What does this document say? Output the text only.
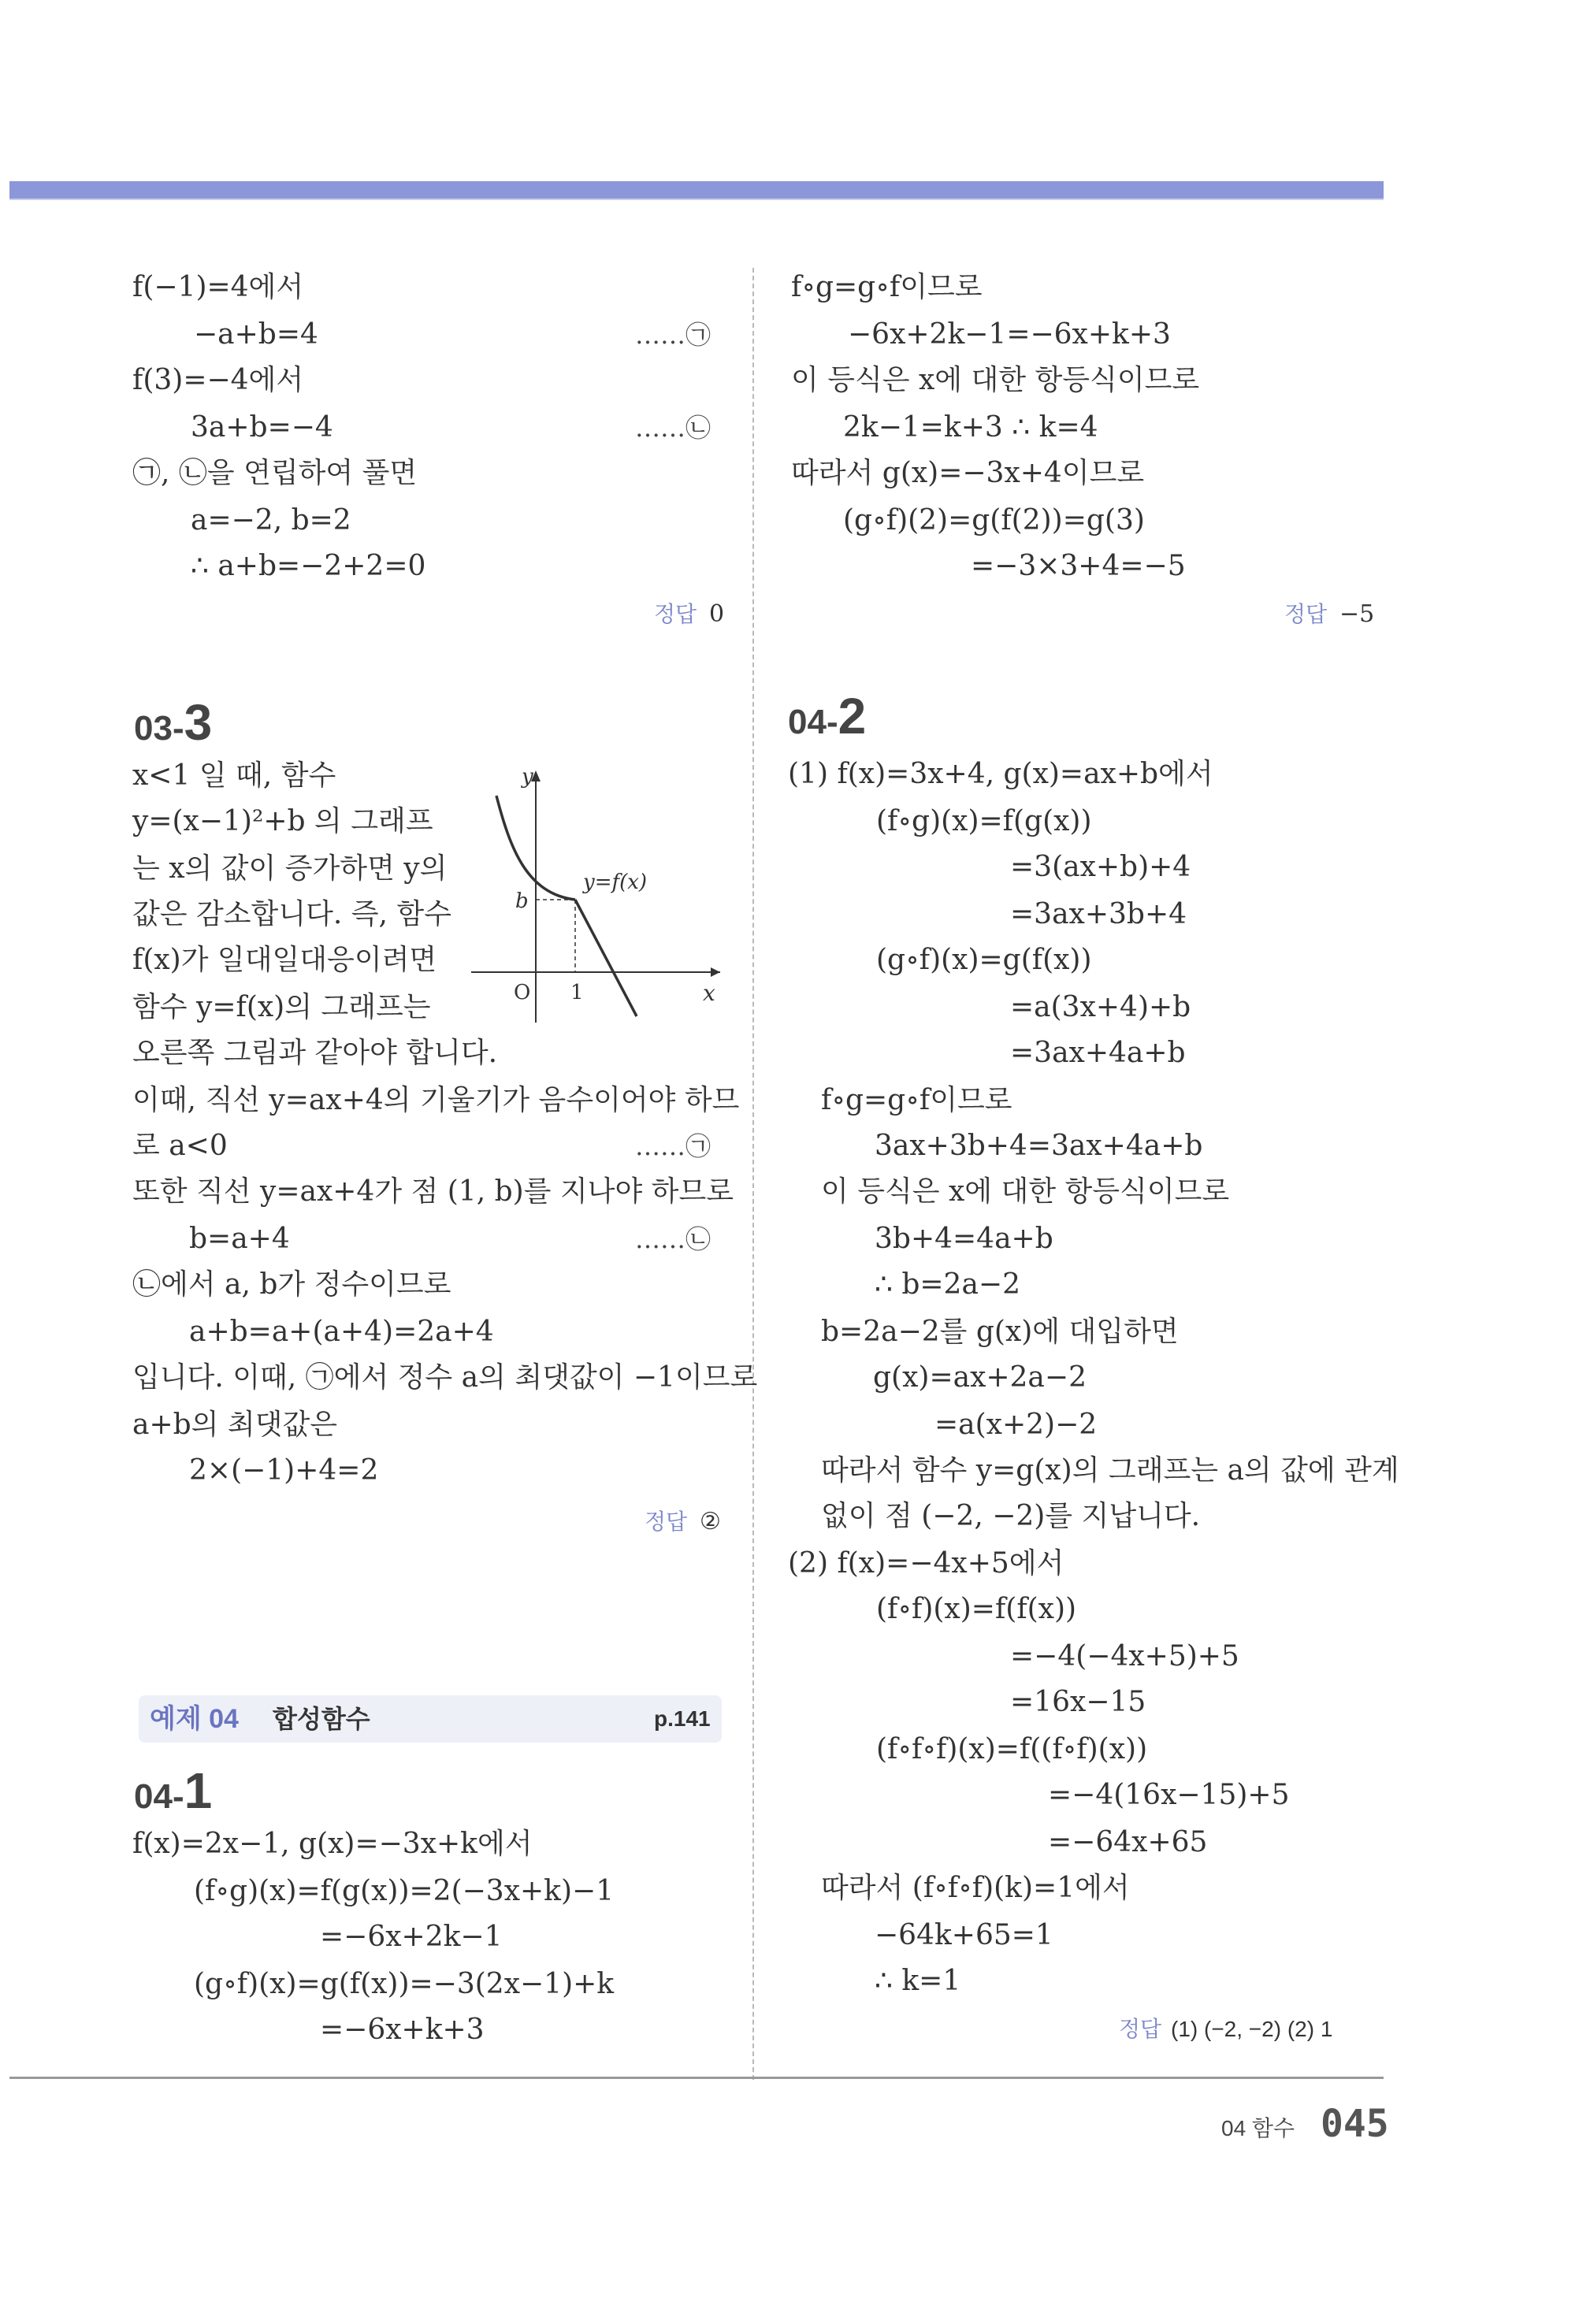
f(−1)=4에서
−a+b=4	……㉠
f(3)=−4에서
3a+b=−4	……㉡
㉠, ㉡을 연립하여 풀면
a=−2, b=2
∴ a+b=−2+2=0
정답 0
03-3
x<1 일 때, 함수
y=(x−1)²+b 의 그래프
는 x의 값이 증가하면 y의
값은 감소합니다. 즉, 함수
f(x)가 일대일대응이려면
함수 y=f(x)의 그래프는
오른쪽 그림과 같아야 합니다.
이때, 직선 y=ax+4의 기울기가 음수이어야 하므
로 a<0	……㉠
또한 직선 y=ax+4가 점 (1, b)를 지나야 하므로
b=a+4	……㉡
㉡에서 a, b가 정수이므로
a+b=a+(a+4)=2a+4
입니다. 이때, ㉠에서 정수 a의 최댓값이 −1이므로
a+b의 최댓값은
2×(−1)+4=2
정답 ②
y
x
O
b
1
y=f(x)
예제 04 합성함수	p.141
04-1
f(x)=2x−1, g(x)=−3x+k에서
(f∘g)(x)=f(g(x))=2(−3x+k)−1
=−6x+2k−1
(g∘f)(x)=g(f(x))=−3(2x−1)+k
=−6x+k+3
f∘g=g∘f이므로
−6x+2k−1=−6x+k+3
이 등식은 x에 대한 항등식이므로
2k−1=k+3 ∴ k=4
따라서 g(x)=−3x+4이므로
(g∘f)(2)=g(f(2))=g(3)
=−3×3+4=−5
정답 −5
04-2
(1) f(x)=3x+4, g(x)=ax+b에서
(f∘g)(x)=f(g(x))
=3(ax+b)+4
=3ax+3b+4
(g∘f)(x)=g(f(x))
=a(3x+4)+b
=3ax+4a+b
f∘g=g∘f이므로
3ax+3b+4=3ax+4a+b
이 등식은 x에 대한 항등식이므로
3b+4=4a+b
∴ b=2a−2
b=2a−2를 g(x)에 대입하면
g(x)=ax+2a−2
=a(x+2)−2
따라서 함수 y=g(x)의 그래프는 a의 값에 관계
없이 점 (−2, −2)를 지납니다.
(2) f(x)=−4x+5에서
(f∘f)(x)=f(f(x))
=−4(−4x+5)+5
=16x−15
(f∘f∘f)(x)=f((f∘f)(x))
=−4(16x−15)+5
=−64x+65
따라서 (f∘f∘f)(k)=1에서
−64k+65=1
∴ k=1
정답 (1) (−2, −2) (2) 1
04 함수 045
